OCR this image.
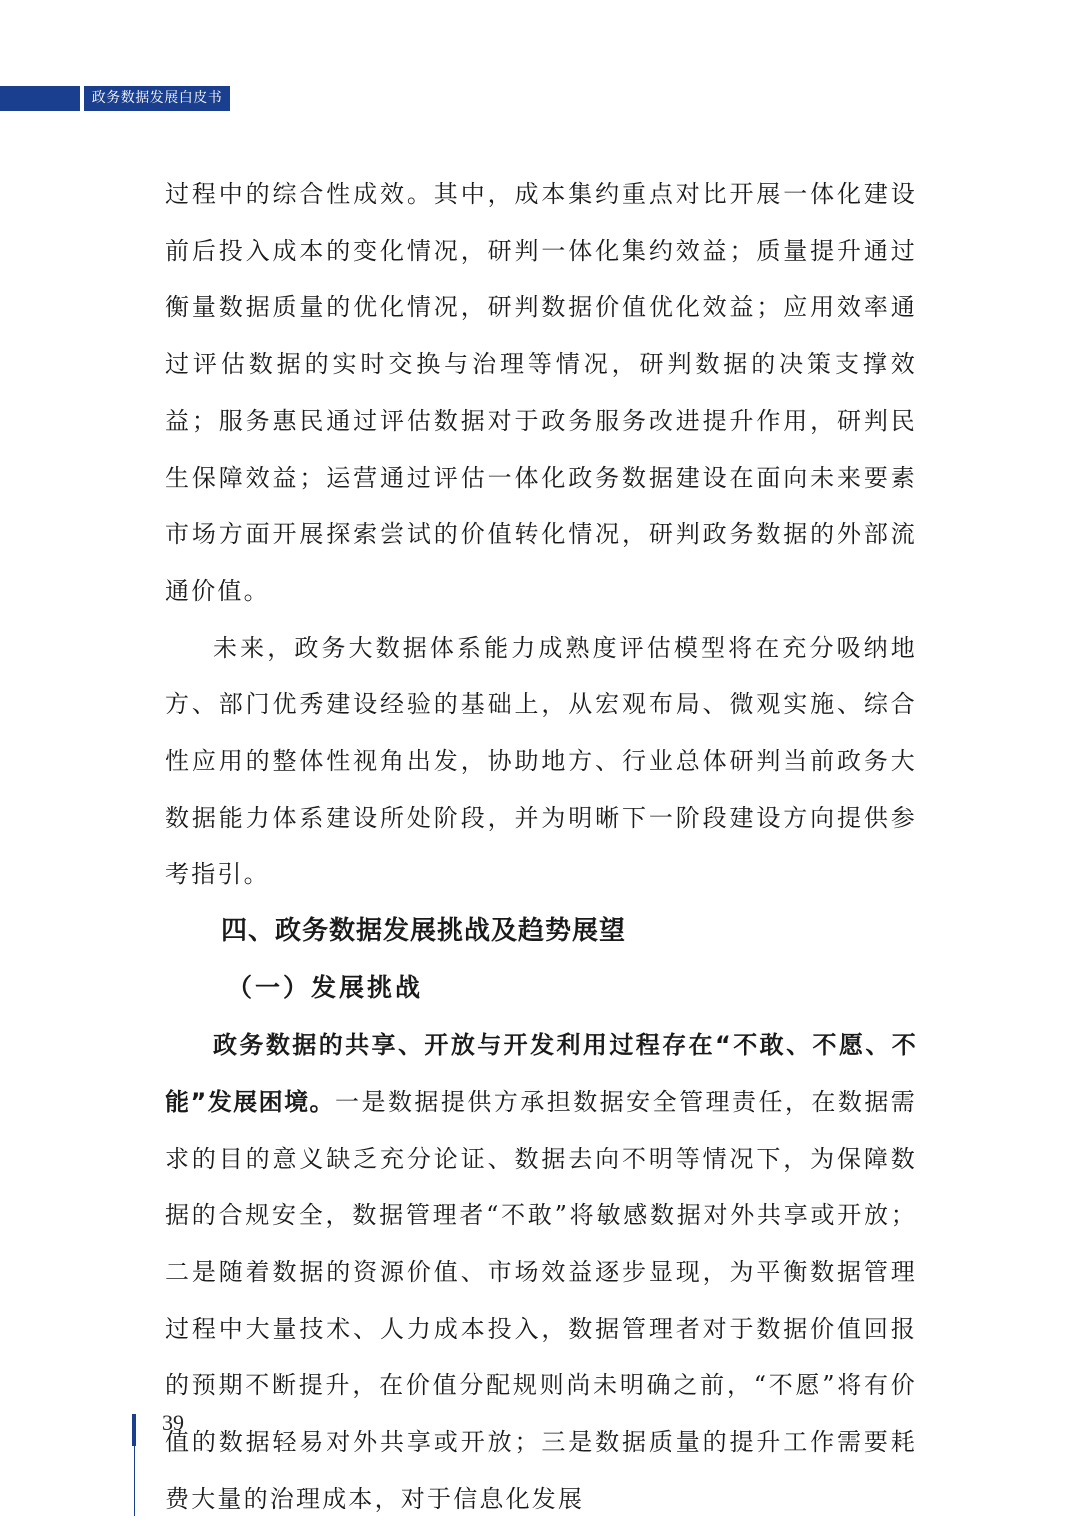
政务数据发展白皮书

过程中的综合性成效。其中，成本集约重点对比开展一体化建设前后投入成本的变化情况，研判一体化集约效益；质量提升通过衡量数据质量的优化情况，研判数据价值优化效益；应用效率通过评估数据的实时交换与治理等情况，研判数据的决策支撑效益；服务惠民通过评估数据对于政务服务改进提升作用，研判民生保障效益；运营通过评估一体化政务数据建设在面向未来要素市场方面开展探索尝试的价值转化情况，研判政务数据的外部流通价值。

未来，政务大数据体系能力成熟度评估模型将在充分吸纳地方、部门优秀建设经验的基础上，从宏观布局、微观实施、综合性应用的整体性视角出发，协助地方、行业总体研判当前政务大数据能力体系建设所处阶段，并为明晰下一阶段建设方向提供参考指引。

四、政务数据发展挑战及趋势展望
（一）发展挑战

政务数据的共享、开放与开发利用过程存在“不敢、不愿、不能”发展困境。一是数据提供方承担数据安全管理责任，在数据需求的目的意义缺乏充分论证、数据去向不明等情况下，为保障数据的合规安全，数据管理者“不敢”将敏感数据对外共享或开放；二是随着数据的资源价值、市场效益逐步显现，为平衡数据管理过程中大量技术、人力成本投入，数据管理者对于数据价值回报的预期不断提升，在价值分配规则尚未明确之前，“不愿”将有价值的数据轻易对外共享或开放；三是数据质量的提升工作需要耗费大量的治理成本，对于信息化发展

39
